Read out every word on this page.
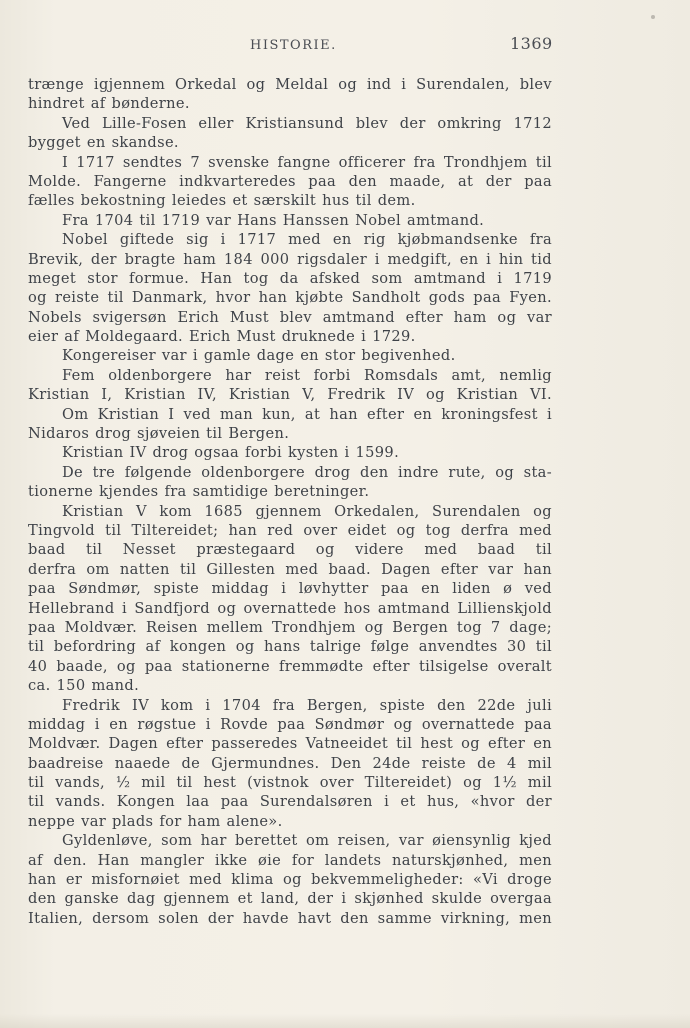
HISTORIE.	1369
trænge igjennem Orkedal og Meldal og ind i Surendalen, blev
hindret af bønderne.
Ved Lille-Fosen eller Kristiansund blev der omkring 1712
bygget en skandse.
I 1717 sendtes 7 svenske fangne officerer fra Trondhjem til
Molde. Fangerne indkvarteredes paa den maade, at der paa
fælles bekostning leiedes et særskilt hus til dem.
Fra 1704 til 1719 var Hans Hanssen Nobel amtmand.
Nobel giftede sig i 1717 med en rig kjøbmandsenke fra
Brevik, der bragte ham 184 000 rigsdaler i medgift, en i hin tid
meget stor formue. Han tog da afsked som amtmand i 1719
og reiste til Danmark, hvor han kjøbte Sandholt gods paa Fyen.
Nobels svigersøn Erich Must blev amtmand efter ham og var
eier af Moldegaard. Erich Must druknede i 1729.
Kongereiser var i gamle dage en stor begivenhed.
Fem oldenborgere har reist forbi Romsdals amt, nemlig
Kristian I, Kristian IV, Kristian V, Fredrik IV og Kristian VI.
Om Kristian I ved man kun, at han efter en kroningsfest i
Nidaros drog sjøveien til Bergen.
Kristian IV drog ogsaa forbi kysten i 1599.
De tre følgende oldenborgere drog den indre rute, og sta-
tionerne kjendes fra samtidige beretninger.
Kristian V kom 1685 gjennem Orkedalen, Surendalen og
Tingvold til Tiltereidet; han red over eidet og tog derfra med
baad til Nesset præstegaard og videre med baad til
derfra om natten til Gillesten med baad. Dagen efter var han
paa Søndmør, spiste middag i løvhytter paa en liden ø ved
Hellebrand i Sandfjord og overnattede hos amtmand Lillienskjold
paa Moldvær. Reisen mellem Trondhjem og Bergen tog 7 dage;
til befordring af kongen og hans talrige følge anvendtes 30 til
40 baade, og paa stationerne fremmødte efter tilsigelse overalt
ca. 150 mand.
Fredrik IV kom i 1704 fra Bergen, spiste den 22de juli
middag i en røgstue i Rovde paa Søndmør og overnattede paa
Moldvær. Dagen efter passeredes Vatneeidet til hest og efter en
baadreise naaede de Gjermundnes. Den 24de reiste de 4 mil
til vands, ½ mil til hest (vistnok over Tiltereidet) og 1½ mil
til vands. Kongen laa paa Surendalsøren i et hus, «hvor der
neppe var plads for ham alene».
Gyldenløve, som har berettet om reisen, var øiensynlig kjed
af den. Han mangler ikke øie for landets naturskjønhed, men
han er misfornøiet med klima og bekvemmeligheder: «Vi droge
den ganske dag gjennem et land, der i skjønhed skulde overgaa
Italien, dersom solen der havde havt den samme virkning, men
